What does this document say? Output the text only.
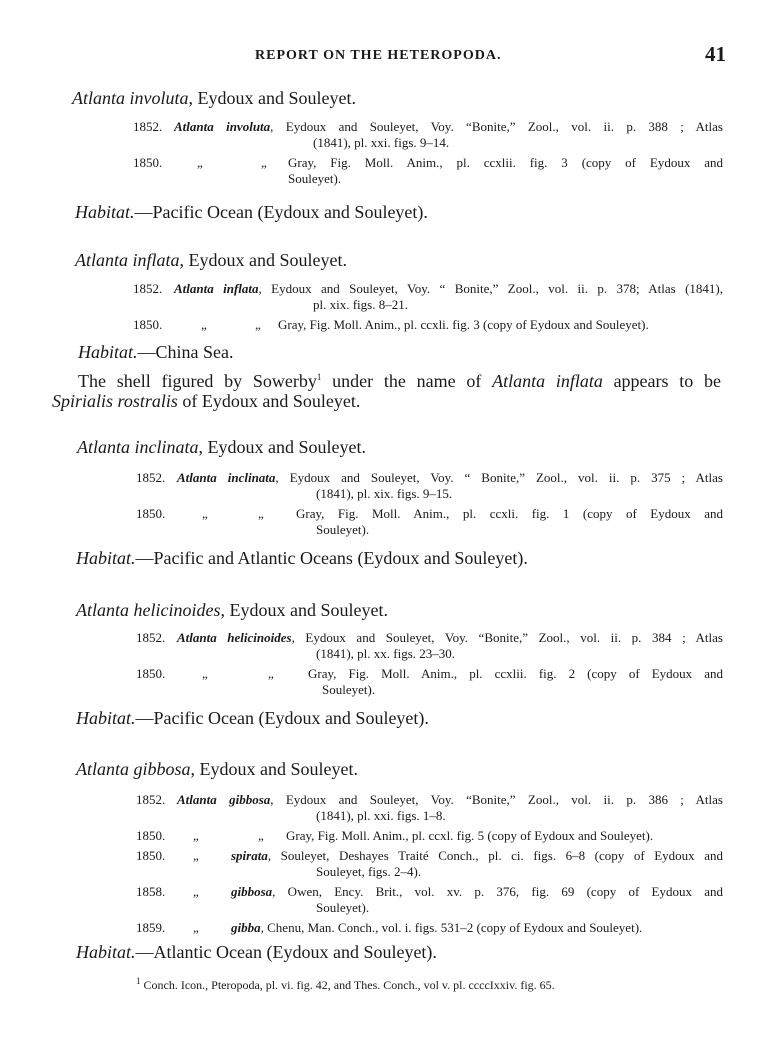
REPORT ON THE HETEROPODA.	41
Atlanta involuta, Eydoux and Souleyet.
1852. Atlanta involuta, Eydoux and Souleyet, Voy. “Bonite,” Zool., vol. ii. p. 388 ; Atlas
(1841), pl. xxi. figs. 9–14.
1850.	„	„ Gray, Fig. Moll. Anim., pl. ccxlii. fig. 3 (copy of Eydoux and
Souleyet).
Habitat.—Pacific Ocean (Eydoux and Souleyet).
Atlanta inflata, Eydoux and Souleyet.
1852. Atlanta inflata, Eydoux and Souleyet, Voy. “ Bonite,” Zool., vol. ii. p. 378; Atlas (1841),
pl. xix. figs. 8–21.
1850.	„	„ Gray, Fig. Moll. Anim., pl. ccxli. fig. 3 (copy of Eydoux and Souleyet).
Habitat.—China Sea.
The shell figured by Sowerby$^1$ under the name of Atlanta inflata appears to be
Spirialis rostralis of Eydoux and Souleyet.
Atlanta inclinata, Eydoux and Souleyet.
1852. Atlanta inclinata, Eydoux and Souleyet, Voy. “ Bonite,” Zool., vol. ii. p. 375 ; Atlas
(1841), pl. xix. figs. 9–15.
1850.	„	„ Gray, Fig. Moll. Anim., pl. ccxli. fig. 1 (copy of Eydoux and
Souleyet).
Habitat.—Pacific and Atlantic Oceans (Eydoux and Souleyet).
Atlanta helicinoides, Eydoux and Souleyet.
1852. Atlanta helicinoides, Eydoux and Souleyet, Voy. “Bonite,” Zool., vol. ii. p. 384 ; Atlas
(1841), pl. xx. figs. 23–30.
1850.	„	„	Gray, Fig. Moll. Anim., pl. ccxlii. fig. 2 (copy of Eydoux and
Souleyet).
Habitat.—Pacific Ocean (Eydoux and Souleyet).
Atlanta gibbosa, Eydoux and Souleyet.
1852. Atlanta gibbosa, Eydoux and Souleyet, Voy. “Bonite,” Zool., vol. ii. p. 386 ; Atlas
(1841), pl. xxi. figs. 1–8.
1850. „	„ Gray, Fig. Moll. Anim., pl. ccxl. fig. 5 (copy of Eydoux and Souleyet).
1850. „ spirata, Souleyet, Deshayes Traité Conch., pl. ci. figs. 6–8 (copy of Eydoux and
Souleyet, figs. 2–4).
1858. „ gibbosa, Owen, Ency. Brit., vol. xv. p. 376, fig. 69 (copy of Eydoux and
Souleyet).
1859. „ gibba, Chenu, Man. Conch., vol. i. figs. 531–2 (copy of Eydoux and Souleyet).
Habitat.—Atlantic Ocean (Eydoux and Souleyet).
$^1$ Conch. Icon., Pteropoda, pl. vi. fig. 42, and Thes. Conch., vol v. pl. ccccIxxiv. fig. 65.
